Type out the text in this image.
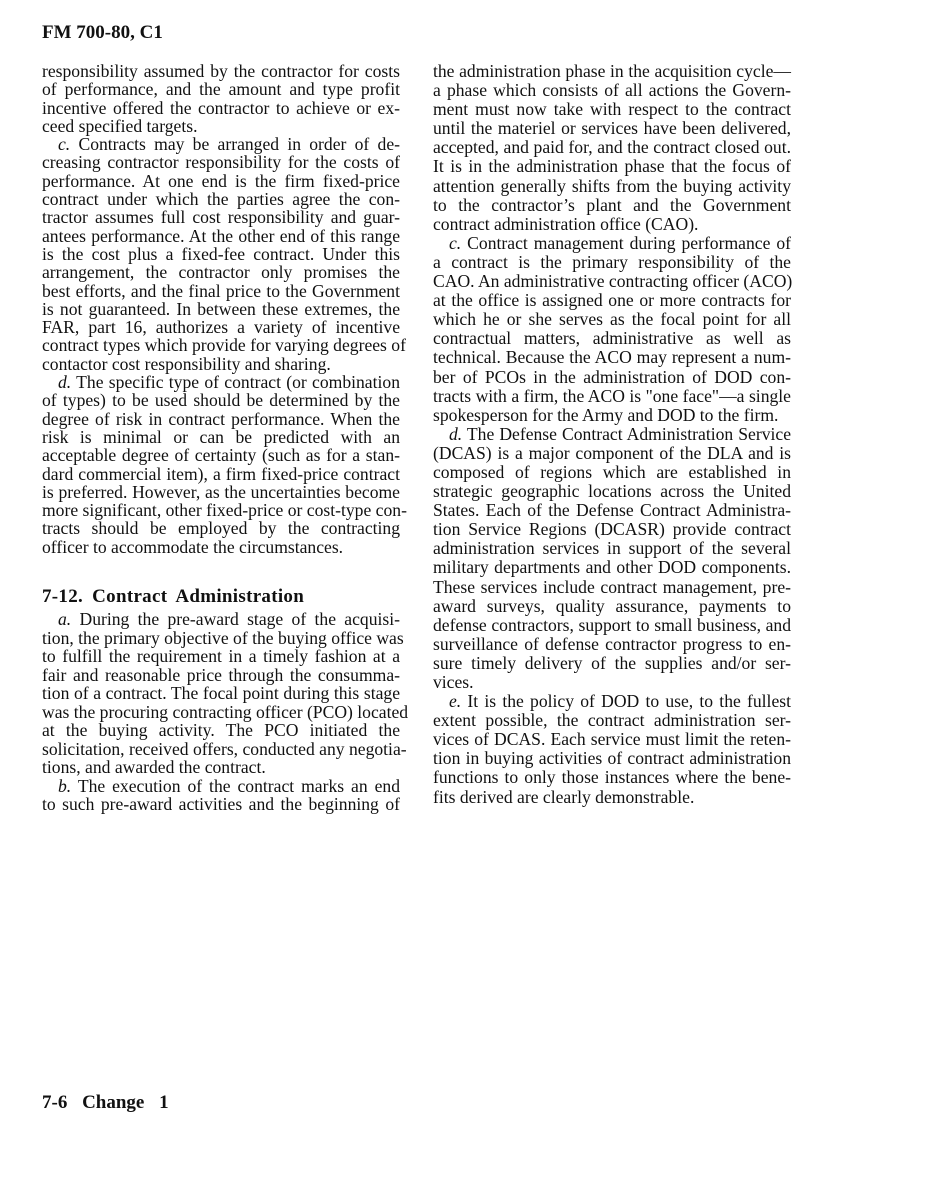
FM 700-80, C1
responsibility assumed by the contractor for costs
of performance, and the amount and type profit
incentive offered the contractor to achieve or ex-
ceed specified targets.
c. Contracts may be arranged in order of de-
creasing contractor responsibility for the costs of
performance. At one end is the firm fixed-price
contract under which the parties agree the con-
tractor assumes full cost responsibility and guar-
antees performance. At the other end of this range
is the cost plus a fixed-fee contract. Under this
arrangement, the contractor only promises the
best efforts, and the final price to the Government
is not guaranteed. In between these extremes, the
FAR, part 16, authorizes a variety of incentive
contract types which provide for varying degrees of
contactor cost responsibility and sharing.
d. The specific type of contract (or combination
of types) to be used should be determined by the
degree of risk in contract performance. When the
risk is minimal or can be predicted with an
acceptable degree of certainty (such as for a stan-
dard commercial item), a firm fixed-price contract
is preferred. However, as the uncertainties become
more significant, other fixed-price or cost-type con-
tracts should be employed by the contracting
officer to accommodate the circumstances.
7-12. Contract Administration
a. During the pre-award stage of the acquisi-
tion, the primary objective of the buying office was
to fulfill the requirement in a timely fashion at a
fair and reasonable price through the consumma-
tion of a contract. The focal point during this stage
was the procuring contracting officer (PCO) located
at the buying activity. The PCO initiated the
solicitation, received offers, conducted any negotia-
tions, and awarded the contract.
b. The execution of the contract marks an end
to such pre-award activities and the beginning of
the administration phase in the acquisition cycle—
a phase which consists of all actions the Govern-
ment must now take with respect to the contract
until the materiel or services have been delivered,
accepted, and paid for, and the contract closed out.
It is in the administration phase that the focus of
attention generally shifts from the buying activity
to the contractor’s plant and the Government
contract administration office (CAO).
c. Contract management during performance of
a contract is the primary responsibility of the
CAO. An administrative contracting officer (ACO)
at the office is assigned one or more contracts for
which he or she serves as the focal point for all
contractual matters, administrative as well as
technical. Because the ACO may represent a num-
ber of PCOs in the administration of DOD con-
tracts with a firm, the ACO is "one face"—a single
spokesperson for the Army and DOD to the firm.
d. The Defense Contract Administration Service
(DCAS) is a major component of the DLA and is
composed of regions which are established in
strategic geographic locations across the United
States. Each of the Defense Contract Administra-
tion Service Regions (DCASR) provide contract
administration services in support of the several
military departments and other DOD components.
These services include contract management, pre-
award surveys, quality assurance, payments to
defense contractors, support to small business, and
surveillance of defense contractor progress to en-
sure timely delivery of the supplies and/or ser-
vices.
e. It is the policy of DOD to use, to the fullest
extent possible, the contract administration ser-
vices of DCAS. Each service must limit the reten-
tion in buying activities of contract administration
functions to only those instances where the bene-
fits derived are clearly demonstrable.
7-6 Change 1
